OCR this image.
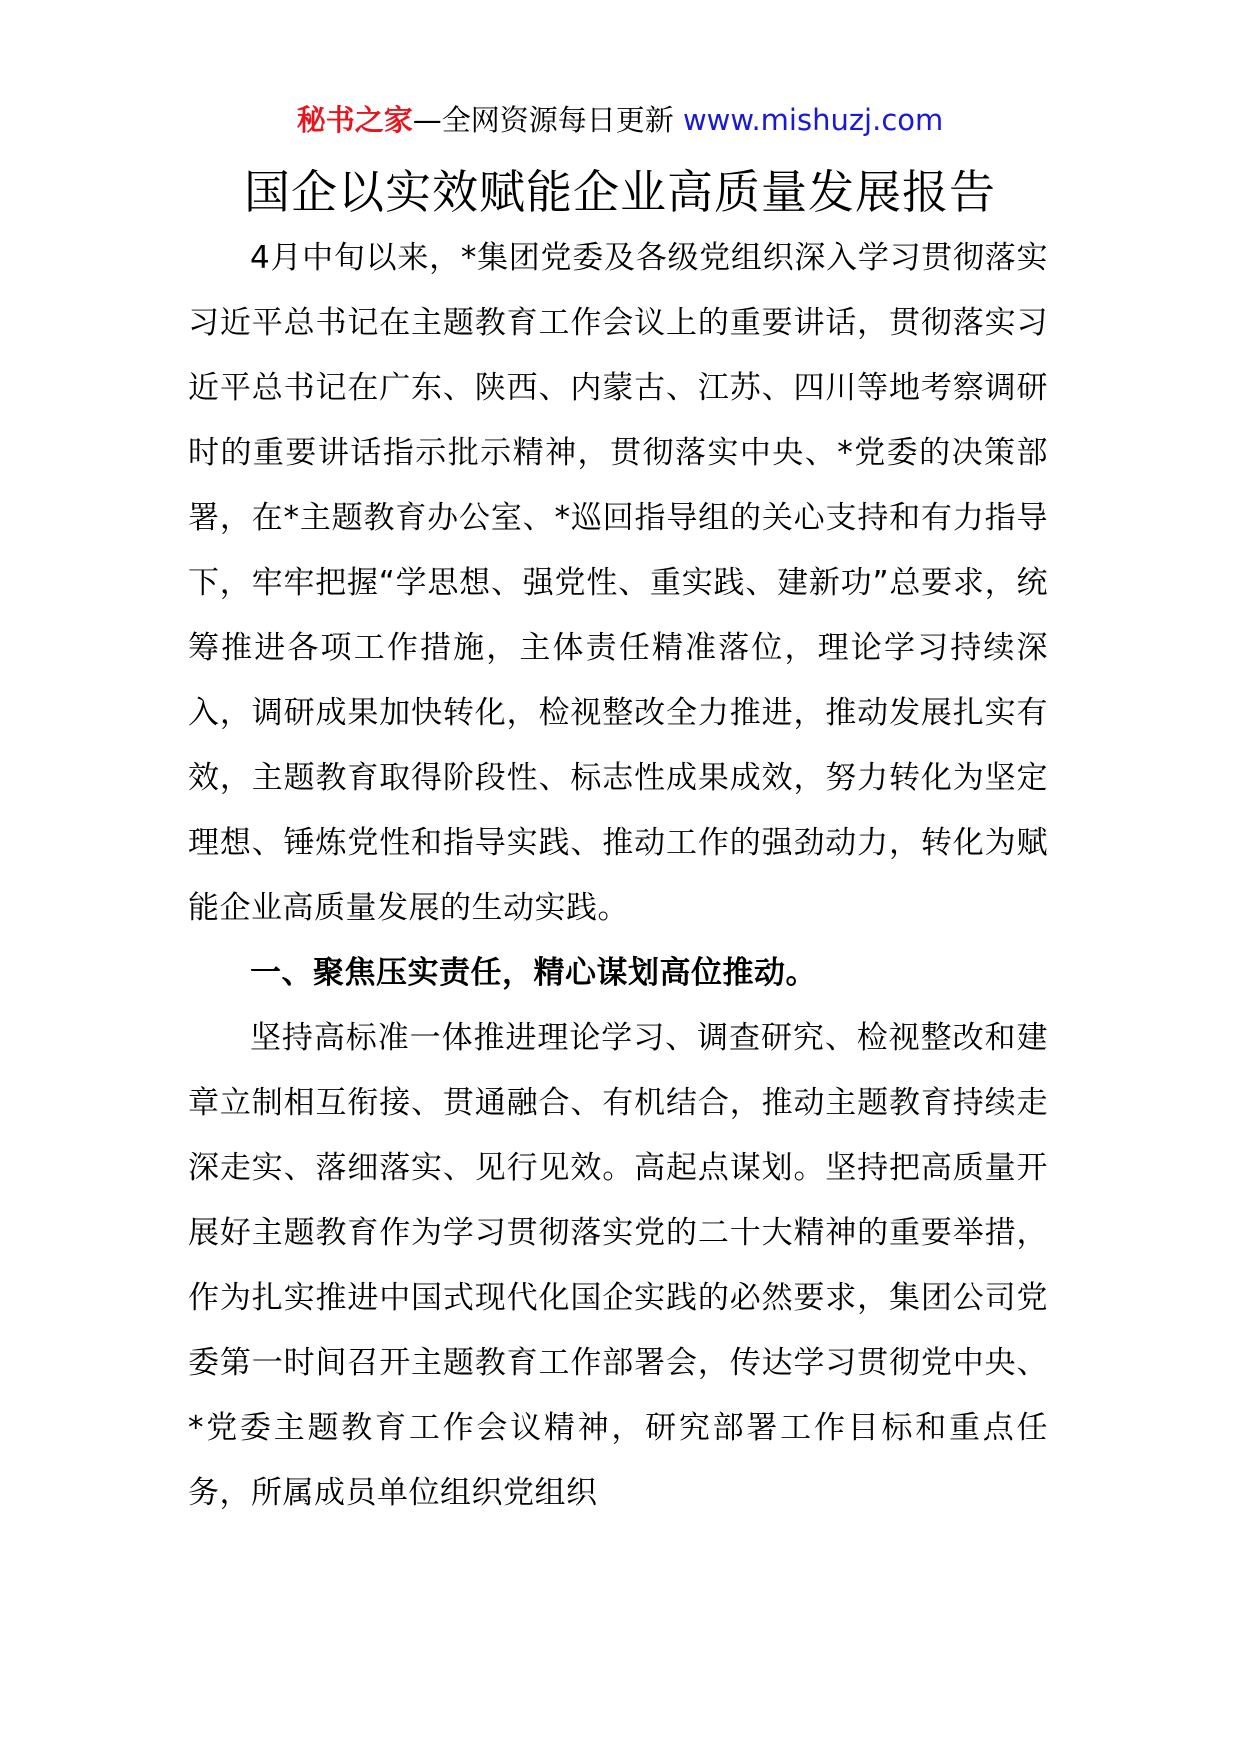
秘书之家—全网资源每日更新 www.mishuzj.com
国企以实效赋能企业高质量发展报告

4月中旬以来，*集团党委及各级党组织深入学习贯彻落实习近平总书记在主题教育工作会议上的重要讲话，贯彻落实习近平总书记在广东、陕西、内蒙古、江苏、四川等地考察调研时的重要讲话指示批示精神，贯彻落实中央、*党委的决策部署，在*主题教育办公室、*巡回指导组的关心支持和有力指导下，牢牢把握“学思想、强党性、重实践、建新功”总要求，统筹推进各项工作措施，主体责任精准落位，理论学习持续深入，调研成果加快转化，检视整改全力推进，推动发展扎实有效，主题教育取得阶段性、标志性成果成效，努力转化为坚定理想、锤炼党性和指导实践、推动工作的强劲动力，转化为赋能企业高质量发展的生动实践。

一、聚焦压实责任，精心谋划高位推动。

坚持高标准一体推进理论学习、调查研究、检视整改和建章立制相互衔接、贯通融合、有机结合，推动主题教育持续走深走实、落细落实、见行见效。高起点谋划。坚持把高质量开展好主题教育作为学习贯彻落实党的二十大精神的重要举措，作为扎实推进中国式现代化国企实践的必然要求，集团公司党委第一时间召开主题教育工作部署会，传达学习贯彻党中央、*党委主题教育工作会议精神，研究部署工作目标和重点任务，所属成员单位组织党组织
